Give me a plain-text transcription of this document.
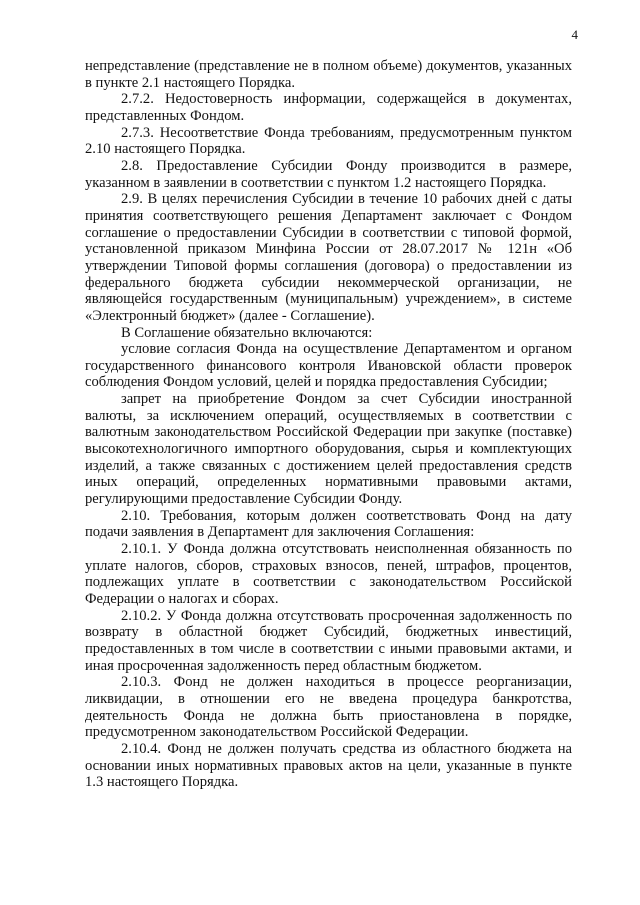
4

непредставление (представление не в полном объеме) документов, указанных в пункте 2.1 настоящего Порядка.

2.7.2. Недостоверность информации, содержащейся в документах, представленных Фондом.

2.7.3. Несоответствие Фонда требованиям, предусмотренным пунктом 2.10 настоящего Порядка.

2.8. Предоставление Субсидии Фонду производится в размере, указанном в заявлении в соответствии с пунктом 1.2 настоящего Порядка.

2.9. В целях перечисления Субсидии в течение 10 рабочих дней с даты принятия соответствующего решения Департамент заключает с Фондом соглашение о предоставлении Субсидии в соответствии с типовой формой, установленной приказом Минфина России от 28.07.2017 № 121н «Об утверждении Типовой формы соглашения (договора) о предоставлении из федерального бюджета субсидии некоммерческой организации, не являющейся государственным (муниципальным) учреждением», в системе «Электронный бюджет» (далее - Соглашение).

В Соглашение обязательно включаются:

условие согласия Фонда на осуществление Департаментом и органом государственного финансового контроля Ивановской области проверок соблюдения Фондом условий, целей и порядка предоставления Субсидии;

запрет на приобретение Фондом за счет Субсидии иностранной валюты, за исключением операций, осуществляемых в соответствии с валютным законодательством Российской Федерации при закупке (поставке) высокотехнологичного импортного оборудования, сырья и комплектующих изделий, а также связанных с достижением целей предоставления средств иных операций, определенных нормативными правовыми актами, регулирующими предоставление Субсидии Фонду.

2.10. Требования, которым должен соответствовать Фонд на дату подачи заявления в Департамент для заключения Соглашения:

2.10.1. У Фонда должна отсутствовать неисполненная обязанность по уплате налогов, сборов, страховых взносов, пеней, штрафов, процентов, подлежащих уплате в соответствии с законодательством Российской Федерации о налогах и сборах.

2.10.2. У Фонда должна отсутствовать просроченная задолженность по возврату в областной бюджет Субсидий, бюджетных инвестиций, предоставленных в том числе в соответствии с иными правовыми актами, и иная просроченная задолженность перед областным бюджетом.

2.10.3. Фонд не должен находиться в процессе реорганизации, ликвидации, в отношении его не введена процедура банкротства, деятельность Фонда не должна быть приостановлена в порядке, предусмотренном законодательством Российской Федерации.

2.10.4. Фонд не должен получать средства из областного бюджета на основании иных нормативных правовых актов на цели, указанные в пункте 1.3 настоящего Порядка.
